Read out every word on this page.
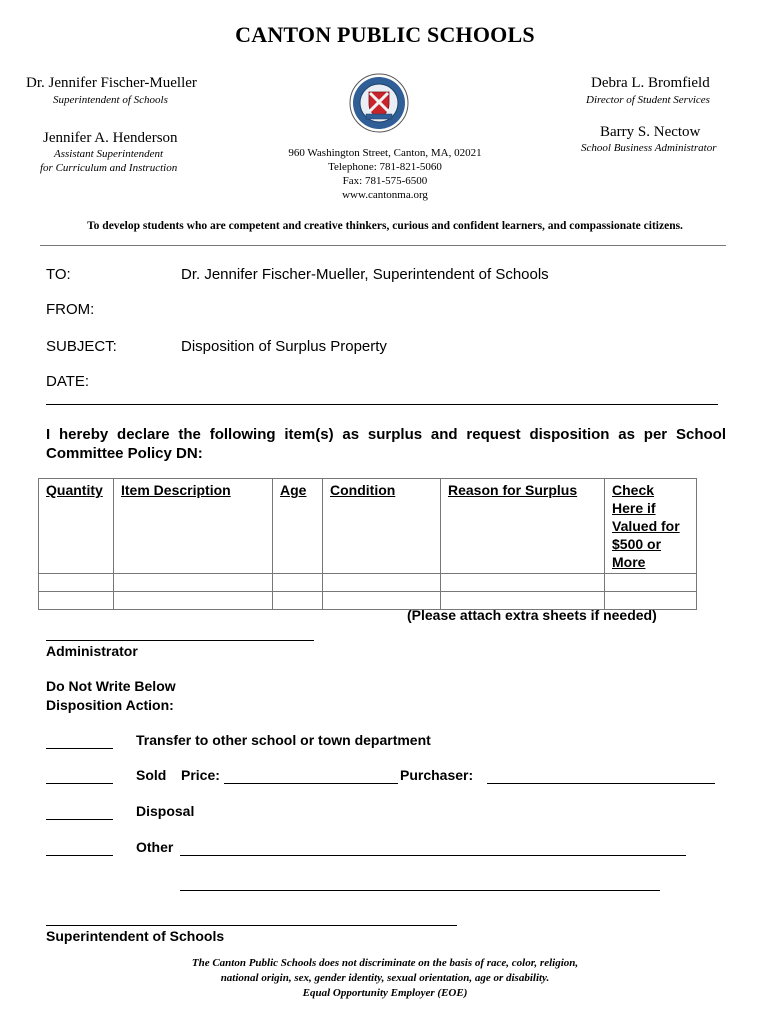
CANTON PUBLIC SCHOOLS
Dr. Jennifer Fischer-Mueller
Superintendent of Schools
Jennifer A. Henderson
Assistant Superintendent
for Curriculum and Instruction
Debra L. Bromfield
Director of Student Services
Barry S. Nectow
School Business Administrator
960 Washington Street, Canton, MA, 02021
Telephone: 781-821-5060
Fax: 781-575-6500
www.cantonma.org
To develop students who are competent and creative thinkers, curious and confident learners, and compassionate citizens.
TO:	Dr. Jennifer Fischer-Mueller, Superintendent of Schools
FROM:
SUBJECT:	Disposition of Surplus Property
DATE:
I hereby declare the following item(s) as surplus and request disposition as per School Committee Policy DN:
Quantity	Item Description	Age	Condition	Reason for Surplus	Check Here if Valued for $500 or More

(Please attach extra sheets if needed)
Administrator
Do Not Write Below
Disposition Action:
Transfer to other school or town department
Sold Price:	Purchaser:
Disposal
Other
Superintendent of Schools
The Canton Public Schools does not discriminate on the basis of race, color, religion,
national origin, sex, gender identity, sexual orientation, age or disability.
Equal Opportunity Employer (EOE)
